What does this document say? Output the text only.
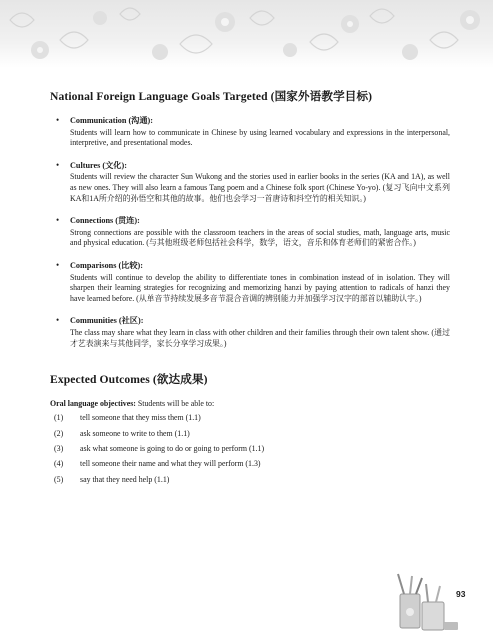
National Foreign Language Goals Targeted (国家外语教学目标)
• Communication (沟通):
Students will learn how to communicate in Chinese by using learned vocabulary and expressions in the interpersonal, interpretive, and presentational modes.
• Cultures (文化):
Students will review the character Sun Wukong and the stories used in earlier books in the series (KA and 1A), as well as new ones. They will also learn a famous Tang poem and a Chinese folk sport (Chinese Yo-yo). (复习飞向中文系列KA和1A所介绍的孙悟空和其他的故事。他们也会学习一首唐诗和抖空竹的相关知识。)
• Connections (贯连):
Strong connections are possible with the classroom teachers in the areas of social studies, math, language arts, music and physical education. (与其他班级老师包括社会科学，数学，语文，音乐和体育老师们的紧密合作。)
• Comparisons (比较):
Students will continue to develop the ability to differentiate tones in combination instead of in isolation. They will sharpen their learning strategies for recognizing and memorizing hanzi by paying attention to radicals of hanzi they have learned before. (从单音节持续发展多音节混合音调的辨别能力并加强学习汉字的部首以辅助认字。)
• Communities (社区):
The class may share what they learn in class with other children and their families through their own talent show. (通过才艺表演来与其他同学，家长分享学习成果。)
Expected Outcomes (欲达成果)
Oral language objectives: Students will be able to:
(1) tell someone that they miss them (1.1)
(2) ask someone to write to them (1.1)
(3) ask what someone is going to do or going to perform (1.1)
(4) tell someone their name and what they will perform (1.3)
(5) say that they need help (1.1)
93
